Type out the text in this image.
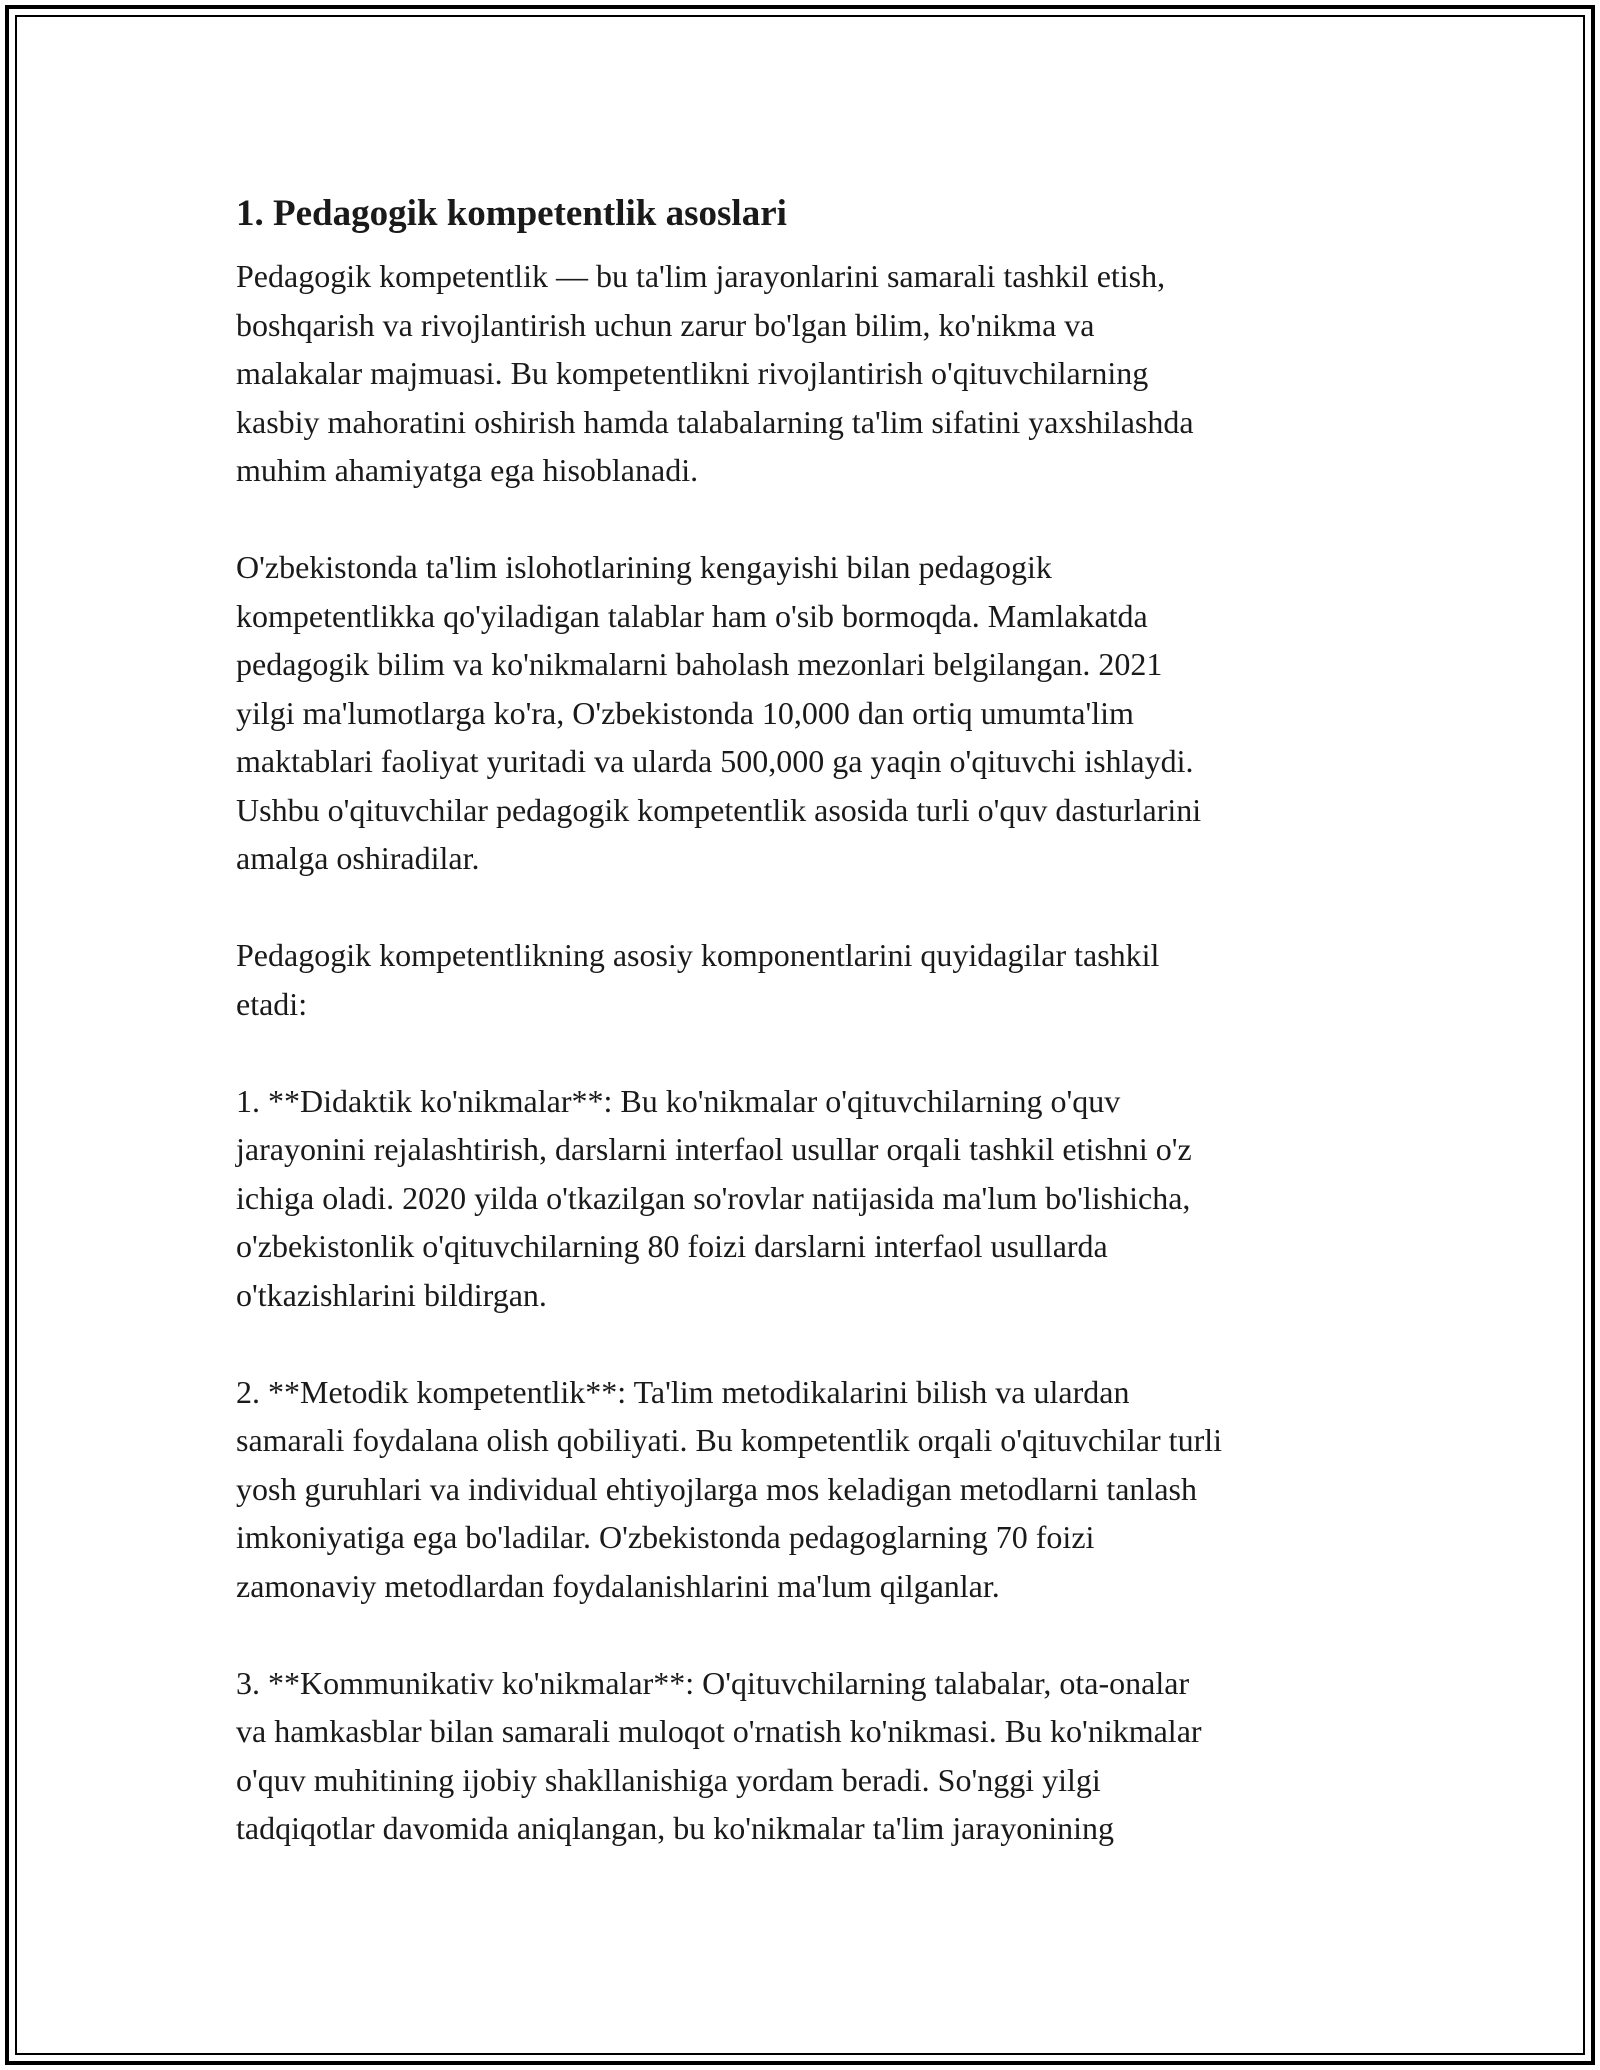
1. Pedagogik kompetentlik asoslari

Pedagogik kompetentlik — bu ta'lim jarayonlarini samarali tashkil etish,
boshqarish va rivojlantirish uchun zarur bo'lgan bilim, ko'nikma va
malakalar majmuasi. Bu kompetentlikni rivojlantirish o'qituvchilarning
kasbiy mahoratini oshirish hamda talabalarning ta'lim sifatini yaxshilashda
muhim ahamiyatga ega hisoblanadi.

O'zbekistonda ta'lim islohotlarining kengayishi bilan pedagogik
kompetentlikka qo'yiladigan talablar ham o'sib bormoqda. Mamlakatda
pedagogik bilim va ko'nikmalarni baholash mezonlari belgilangan. 2021
yilgi ma'lumotlarga ko'ra, O'zbekistonda 10,000 dan ortiq umumta'lim
maktablari faoliyat yuritadi va ularda 500,000 ga yaqin o'qituvchi ishlaydi.
Ushbu o'qituvchilar pedagogik kompetentlik asosida turli o'quv dasturlarini
amalga oshiradilar.

Pedagogik kompetentlikning asosiy komponentlarini quyidagilar tashkil
etadi:

1. **Didaktik ko'nikmalar**: Bu ko'nikmalar o'qituvchilarning o'quv
jarayonini rejalashtirish, darslarni interfaol usullar orqali tashkil etishni o'z
ichiga oladi. 2020 yilda o'tkazilgan so'rovlar natijasida ma'lum bo'lishicha,
o'zbekistonlik o'qituvchilarning 80 foizi darslarni interfaol usullarda
o'tkazishlarini bildirgan.

2. **Metodik kompetentlik**: Ta'lim metodikalarini bilish va ulardan
samarali foydalana olish qobiliyati. Bu kompetentlik orqali o'qituvchilar turli
yosh guruhlari va individual ehtiyojlarga mos keladigan metodlarni tanlash
imkoniyatiga ega bo'ladilar. O'zbekistonda pedagoglarning 70 foizi
zamonaviy metodlardan foydalanishlarini ma'lum qilganlar.

3. **Kommunikativ ko'nikmalar**: O'qituvchilarning talabalar, ota-onalar
va hamkasblar bilan samarali muloqot o'rnatish ko'nikmasi. Bu ko'nikmalar
o'quv muhitining ijobiy shakllanishiga yordam beradi. So'nggi yilgi
tadqiqotlar davomida aniqlangan, bu ko'nikmalar ta'lim jarayonining
